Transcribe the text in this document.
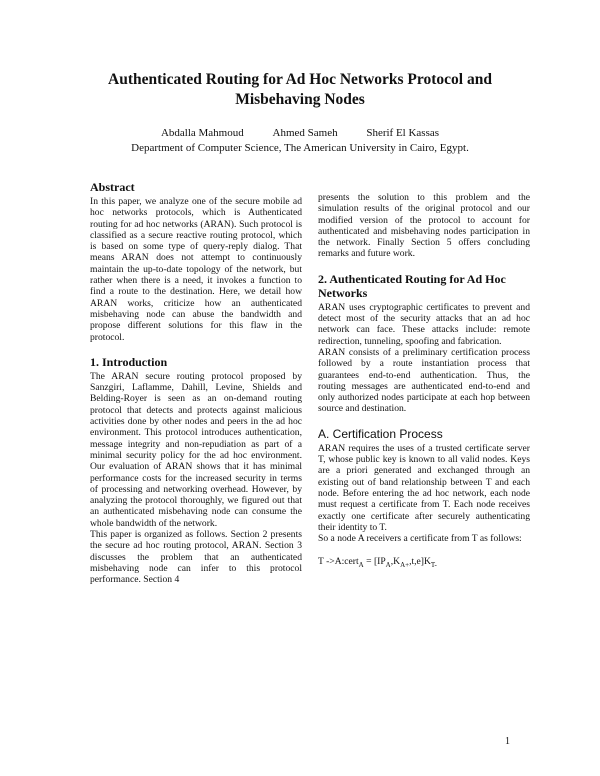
Authenticated Routing for Ad Hoc Networks Protocol and
Misbehaving Nodes
Abdalla Mahmoud	Ahmed Sameh	Sherif El Kassas
Department of Computer Science, The American University in Cairo, Egypt.
Abstract

In this paper, we analyze one of the secure mobile ad hoc networks protocols, which is Authenticated routing for ad hoc networks (ARAN). Such protocol is classified as a secure reactive routing protocol, which is based on some type of query-reply dialog. That means ARAN does not attempt to continuously maintain the up-to-date topology of the network, but rather when there is a need, it invokes a function to find a route to the destination. Here, we detail how ARAN works, criticize how an authenticated misbehaving node can abuse the bandwidth and propose different solutions for this flaw in the protocol.

1. Introduction

The ARAN secure routing protocol proposed by Sanzgiri, Laflamme, Dahill, Levine, Shields and Belding-Royer is seen as an on-demand routing protocol that detects and protects against malicious activities done by other nodes and peers in the ad hoc environment. This protocol introduces authentication, message integrity and non-repudiation as part of a minimal security policy for the ad hoc environment. Our evaluation of ARAN shows that it has minimal performance costs for the increased security in terms of processing and networking overhead. However, by analyzing the protocol thoroughly, we figured out that an authenticated misbehaving node can consume the whole bandwidth of the network.

This paper is organized as follows. Section 2 presents the secure ad hoc routing protocol, ARAN. Section 3 discusses the problem that an authenticated misbehaving node can infer to this protocol performance. Section 4

presents the solution to this problem and the simulation results of the original protocol and our modified version of the protocol to account for authenticated and misbehaving nodes participation in the network. Finally Section 5 offers concluding remarks and future work.

2. Authenticated Routing for Ad Hoc Networks

ARAN uses cryptographic certificates to prevent and detect most of the security attacks that an ad hoc network can face. These attacks include: remote redirection, tunneling, spoofing and fabrication.

ARAN consists of a preliminary certification process followed by a route instantiation process that guarantees end-to-end authentication. Thus, the routing messages are authenticated end-to-end and only authorized nodes participate at each hop between source and destination.

A. Certification Process

ARAN requires the uses of a trusted certificate server T, whose public key is known to all valid nodes. Keys are a priori generated and exchanged through an existing out of band relationship between T and each node. Before entering the ad hoc network, each node must request a certificate from T. Each node receives exactly one certificate after securely authenticating their identity to T.

So a node A receivers a certificate from T as follows:

T ->A:cert$_A$ = $[IP_A,K_{A+},t,e]K_{T-}$
1
